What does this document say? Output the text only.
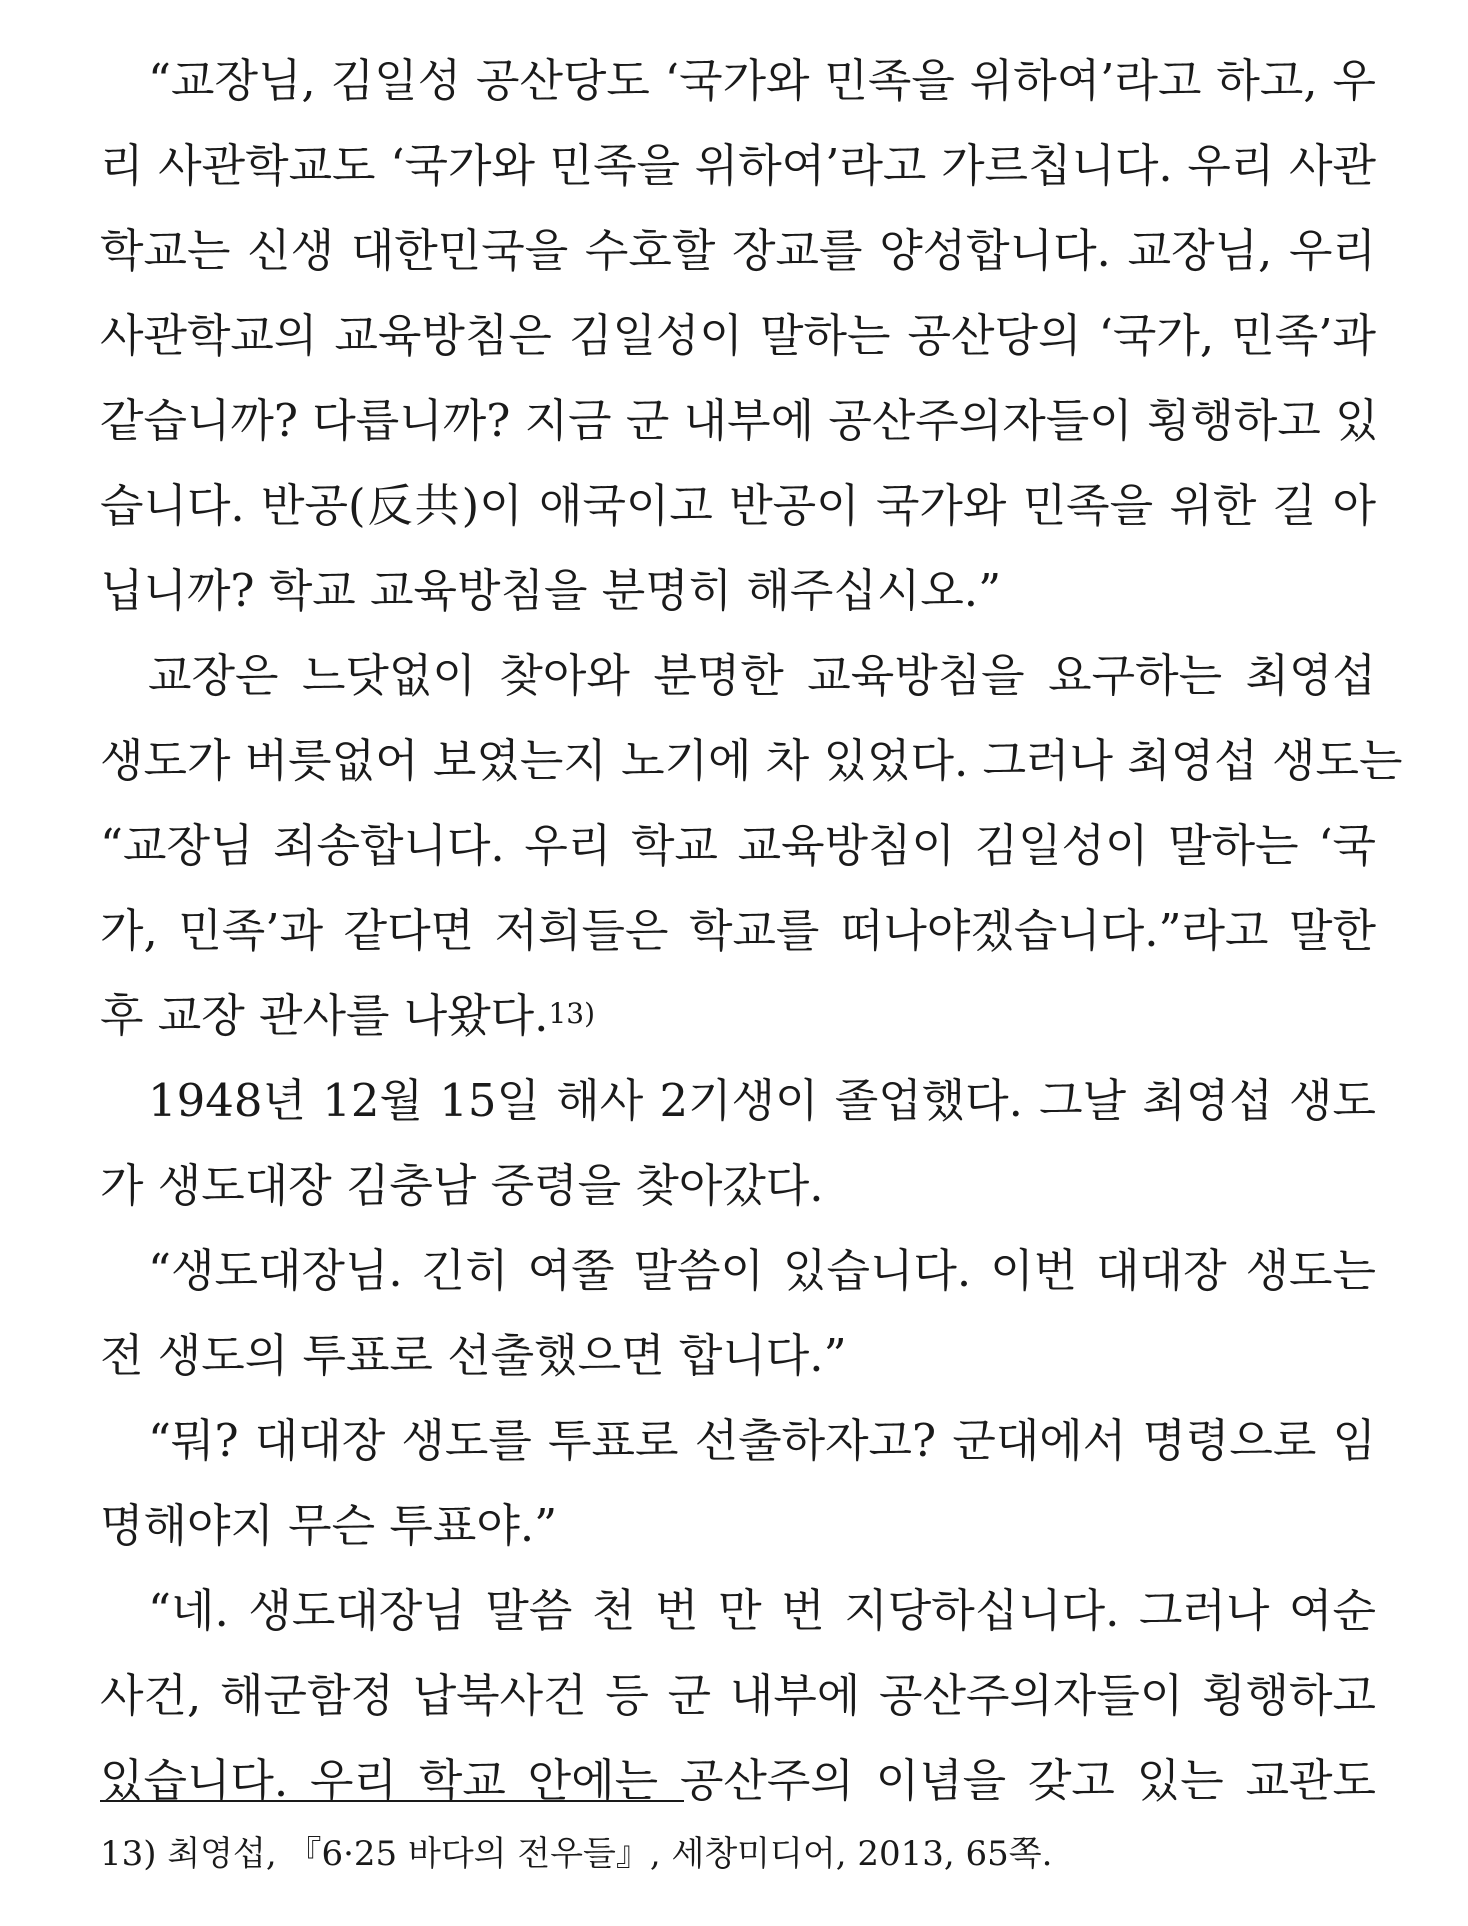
“교장님, 김일성 공산당도 ‘국가와 민족을 위하여’라고 하고, 우
리 사관학교도 ‘국가와 민족을 위하여’라고 가르칩니다. 우리 사관
학교는 신생 대한민국을 수호할 장교를 양성합니다. 교장님, 우리
사관학교의 교육방침은 김일성이 말하는 공산당의 ‘국가, 민족’과
같습니까? 다릅니까? 지금 군 내부에 공산주의자들이 횡행하고 있
습니다. 반공(反共)이 애국이고 반공이 국가와 민족을 위한 길 아
닙니까? 학교 교육방침을 분명히 해주십시오.”
교장은 느닷없이 찾아와 분명한 교육방침을 요구하는 최영섭
생도가 버릇없어 보였는지 노기에 차 있었다. 그러나 최영섭 생도는
“교장님 죄송합니다. 우리 학교 교육방침이 김일성이 말하는 ‘국
가, 민족’과 같다면 저희들은 학교를 떠나야겠습니다.”라고 말한
후 교장 관사를 나왔다.13)
1948년 12월 15일 해사 2기생이 졸업했다. 그날 최영섭 생도
가 생도대장 김충남 중령을 찾아갔다.
“생도대장님. 긴히 여쭐 말씀이 있습니다. 이번 대대장 생도는
전 생도의 투표로 선출했으면 합니다.”
“뭐? 대대장 생도를 투표로 선출하자고? 군대에서 명령으로 임
명해야지 무슨 투표야.”
“네. 생도대장님 말씀 천 번 만 번 지당하십니다. 그러나 여순
사건, 해군함정 납북사건 등 군 내부에 공산주의자들이 횡행하고
있습니다. 우리 학교 안에는 공산주의 이념을 갖고 있는 교관도
13) 최영섭, 『6·25 바다의 전우들』, 세창미디어, 2013, 65쪽.
